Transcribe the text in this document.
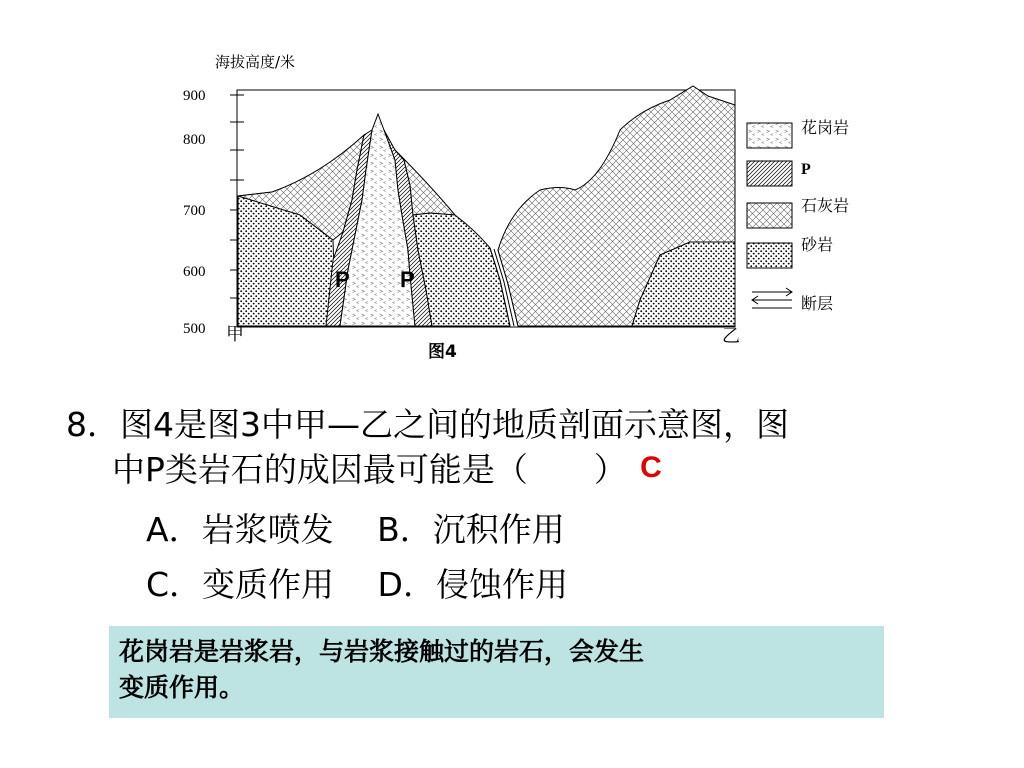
海拔高度/米
900
800
700
600
500
P P
甲	乙
图4
花岗岩
P
石灰岩
砂岩
断层
8．图4是图3中甲—乙之间的地质剖面示意图，图
中P类岩石的成因最可能是（　　） C
A．岩浆喷发　 B．沉积作用
C．变质作用　 D．侵蚀作用
花岗岩是岩浆岩，与岩浆接触过的岩石，会发生
变质作用。
